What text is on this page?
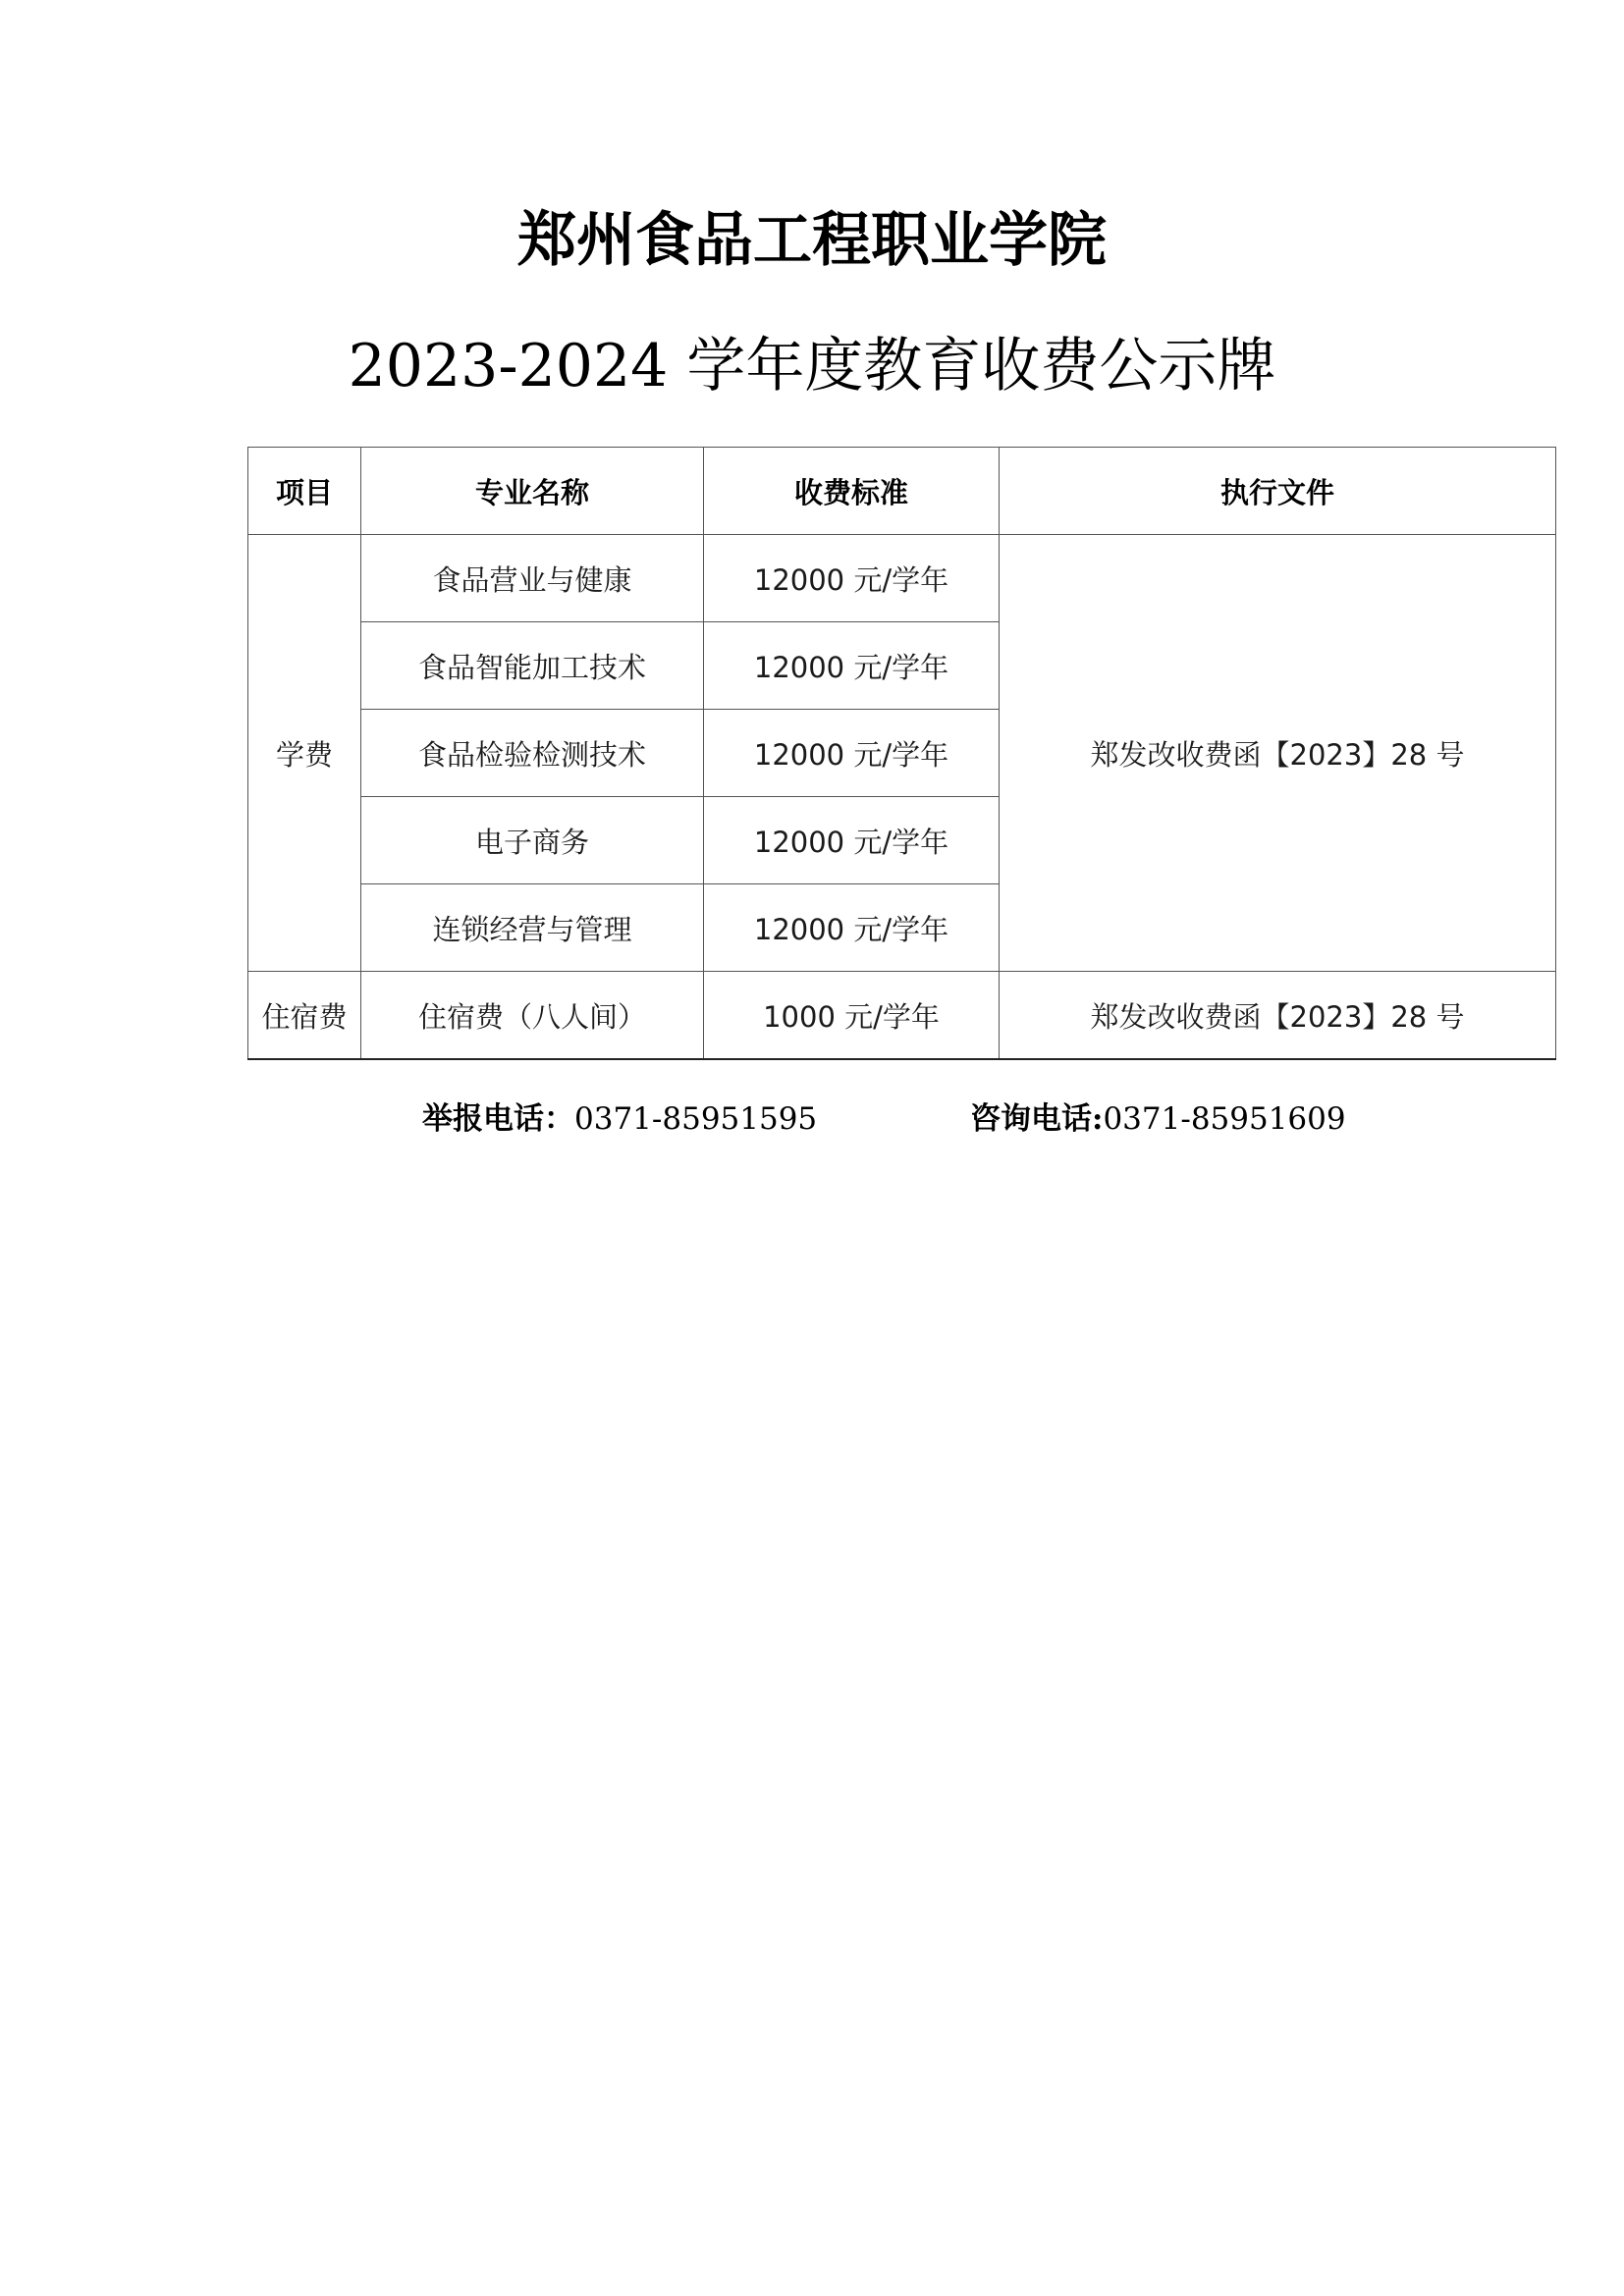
郑州食品工程职业学院
2023-2024 学年度教育收费公示牌
项目	专业名称	收费标准	执行文件
学费	食品营业与健康	12000 元/学年	郑发改收费函【2023】28 号
	食品智能加工技术	12000 元/学年	
	食品检验检测技术	12000 元/学年	
	电子商务	12000 元/学年	
	连锁经营与管理	12000 元/学年	
住宿费	住宿费（八人间）	1000 元/学年	郑发改收费函【2023】28 号
举报电话：0371-85951595	咨询电话:0371-85951609
